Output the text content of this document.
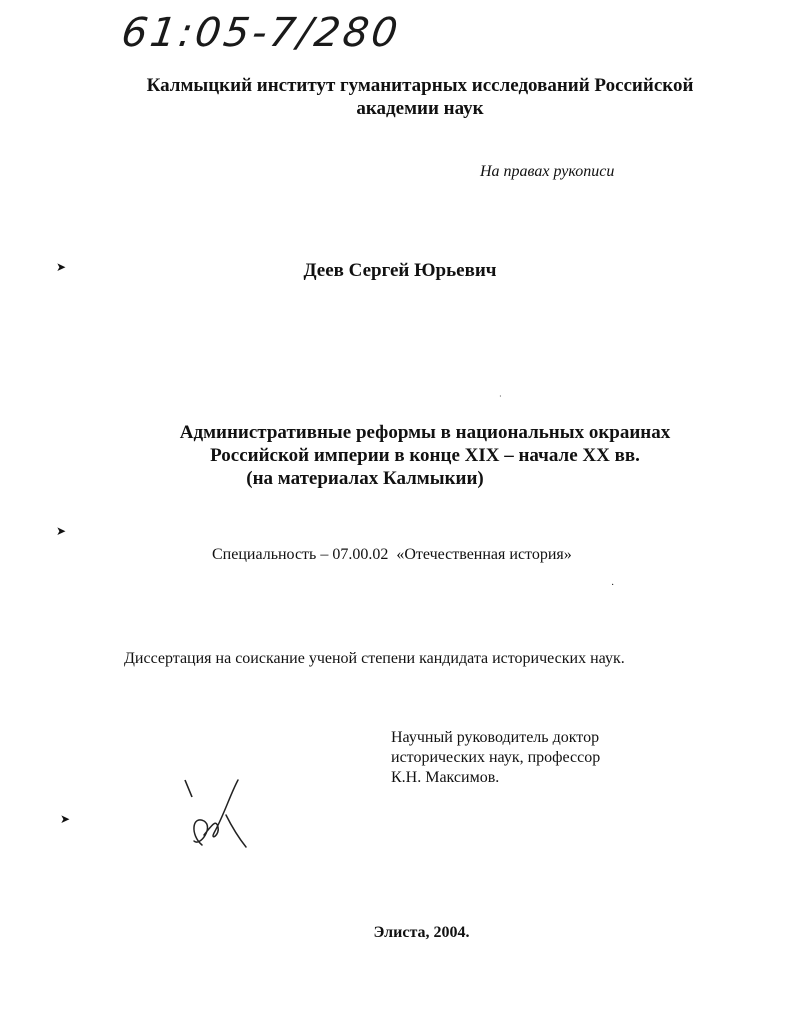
61:05-7/280
Калмыцкий институт гуманитарных исследований Российской
академии наук
На правах рукописи
Деев Сергей Юрьевич
Административные реформы в национальных окраинах
Российской империи в конце XIX – начале XX вв.
(на материалах Калмыкии)
Специальность – 07.00.02  «Отечественная история»
Диссертация на соискание ученой степени кандидата исторических наук.
Научный руководитель доктор
исторических наук, профессор
К.Н. Максимов.
Элиста, 2004.
➤
➤
➤
·
·
